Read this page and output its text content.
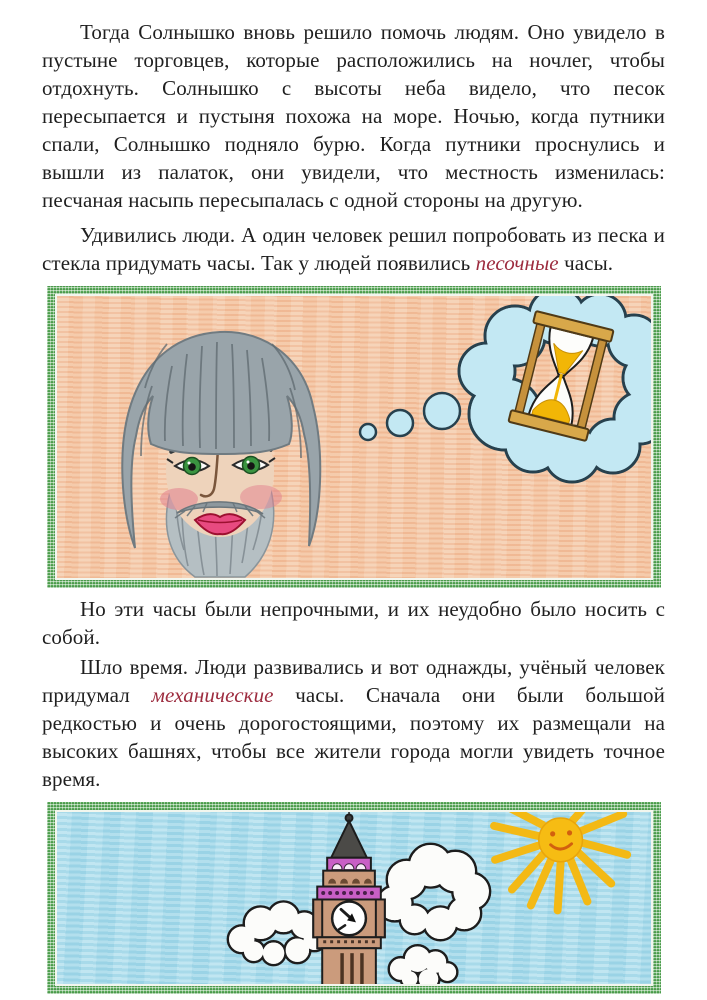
Тогда Солнышко вновь решило помочь людям. Оно увидело в пустыне торговцев, которые расположились на ночлег, чтобы отдохнуть. Солнышко с высоты неба видело, что песок пересыпается и пустыня похожа на море. Ночью, когда путники спали, Солнышко подняло бурю. Когда путники проснулись и вышли из палаток, они увидели, что местность изменилась: песчаная насыпь пересыпалась с одной стороны на другую.

Удивились люди. А один человек решил попробовать из песка и стекла придумать часы. Так у людей появились песочные часы.

Но эти часы были непрочными, и их неудобно было носить с собой.

Шло время. Люди развивались и вот однажды, учёный человек придумал механические часы. Сначала они были большой редкостью и очень дорогостоящими, поэтому их размещали на высоких башнях, чтобы все жители города могли увидеть точное время.
